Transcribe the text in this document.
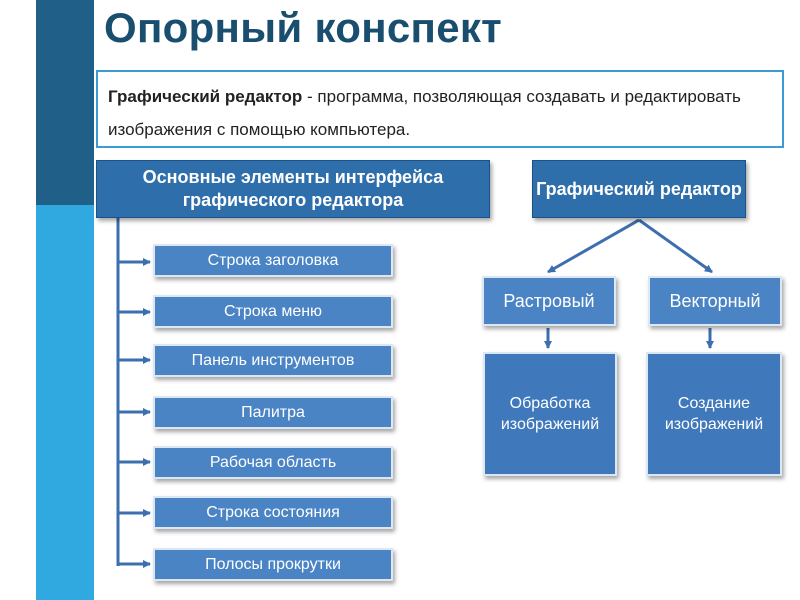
Опорный конспект
Графический редактор - программа, позволяющая создавать и редактировать изображения с помощью компьютера.
Основные элементы интерфейса графического редактора
Графический редактор
Строка заголовка
Строка меню
Панель инструментов
Палитра
Рабочая область
Строка состояния
Полосы прокрутки
Растровый	Векторный
Обработка изображений
Создание изображений
